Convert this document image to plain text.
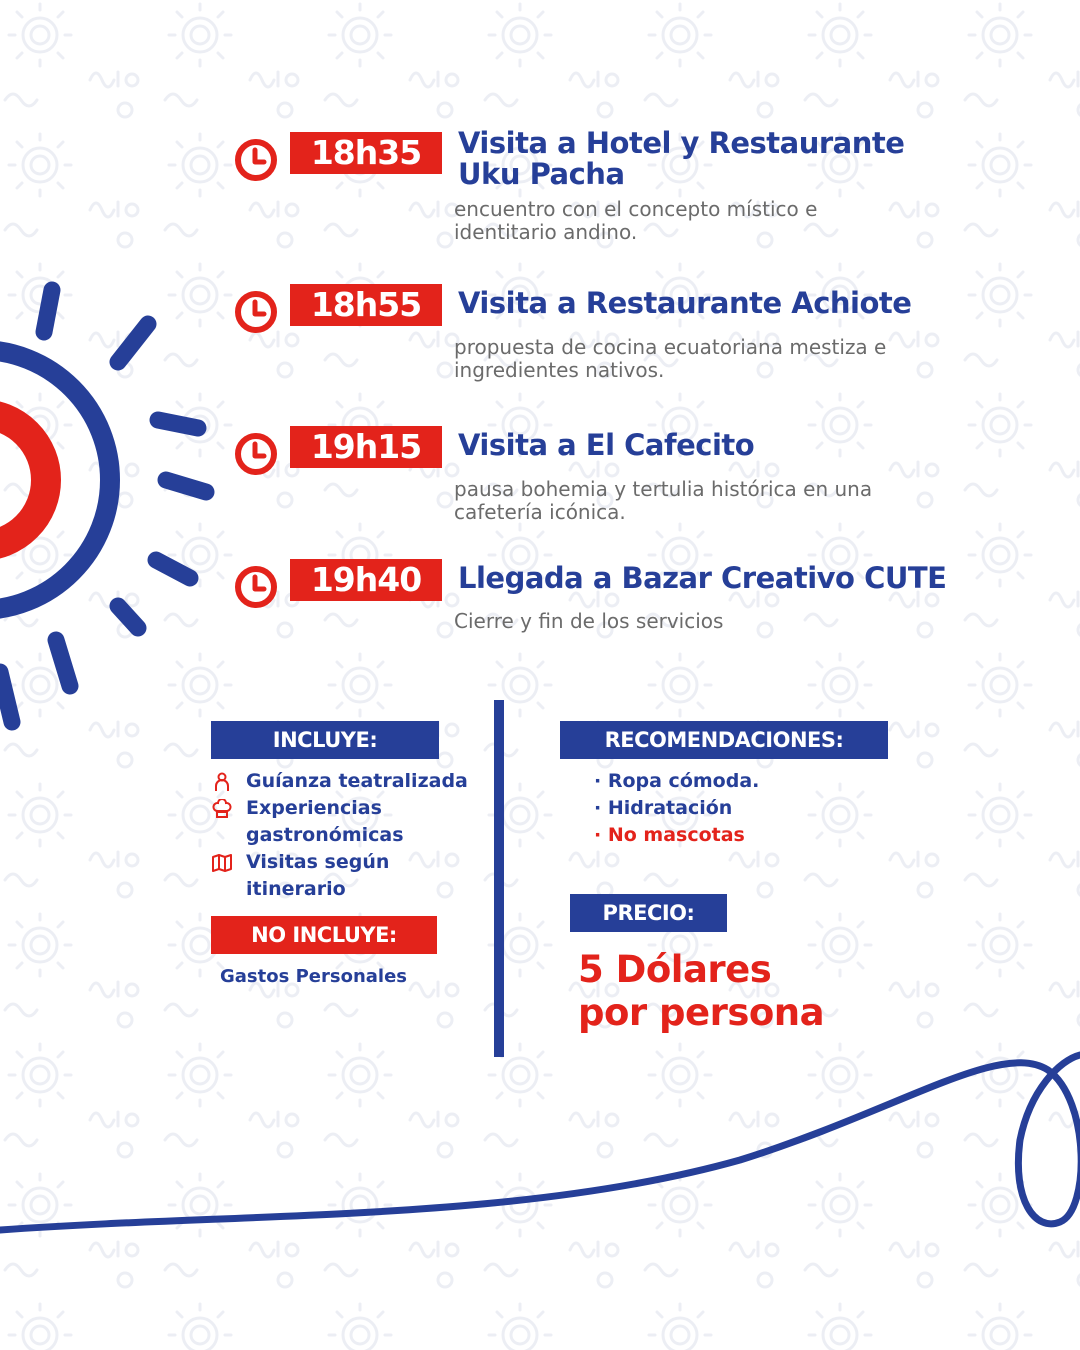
18h35	Visita a Hotel y Restaurante Uku Pacha
encuentro con el concepto místico e identitario andino.
18h55	Visita a Restaurante Achiote
propuesta de cocina ecuatoriana mestiza e ingredientes nativos.
19h15	Visita a El Cafecito
pausa bohemia y tertulia histórica en una cafetería icónica.
19h40	Llegada a Bazar Creativo CUTE
Cierre y fin de los servicios
INCLUYE:
Guíanza teatralizada
Experiencias gastronómicas
Visitas según itinerario
NO INCLUYE:
Gastos Personales
RECOMENDACIONES:
· Ropa cómoda.
· Hidratación
· No mascotas
PRECIO:
5 Dólares
por persona
